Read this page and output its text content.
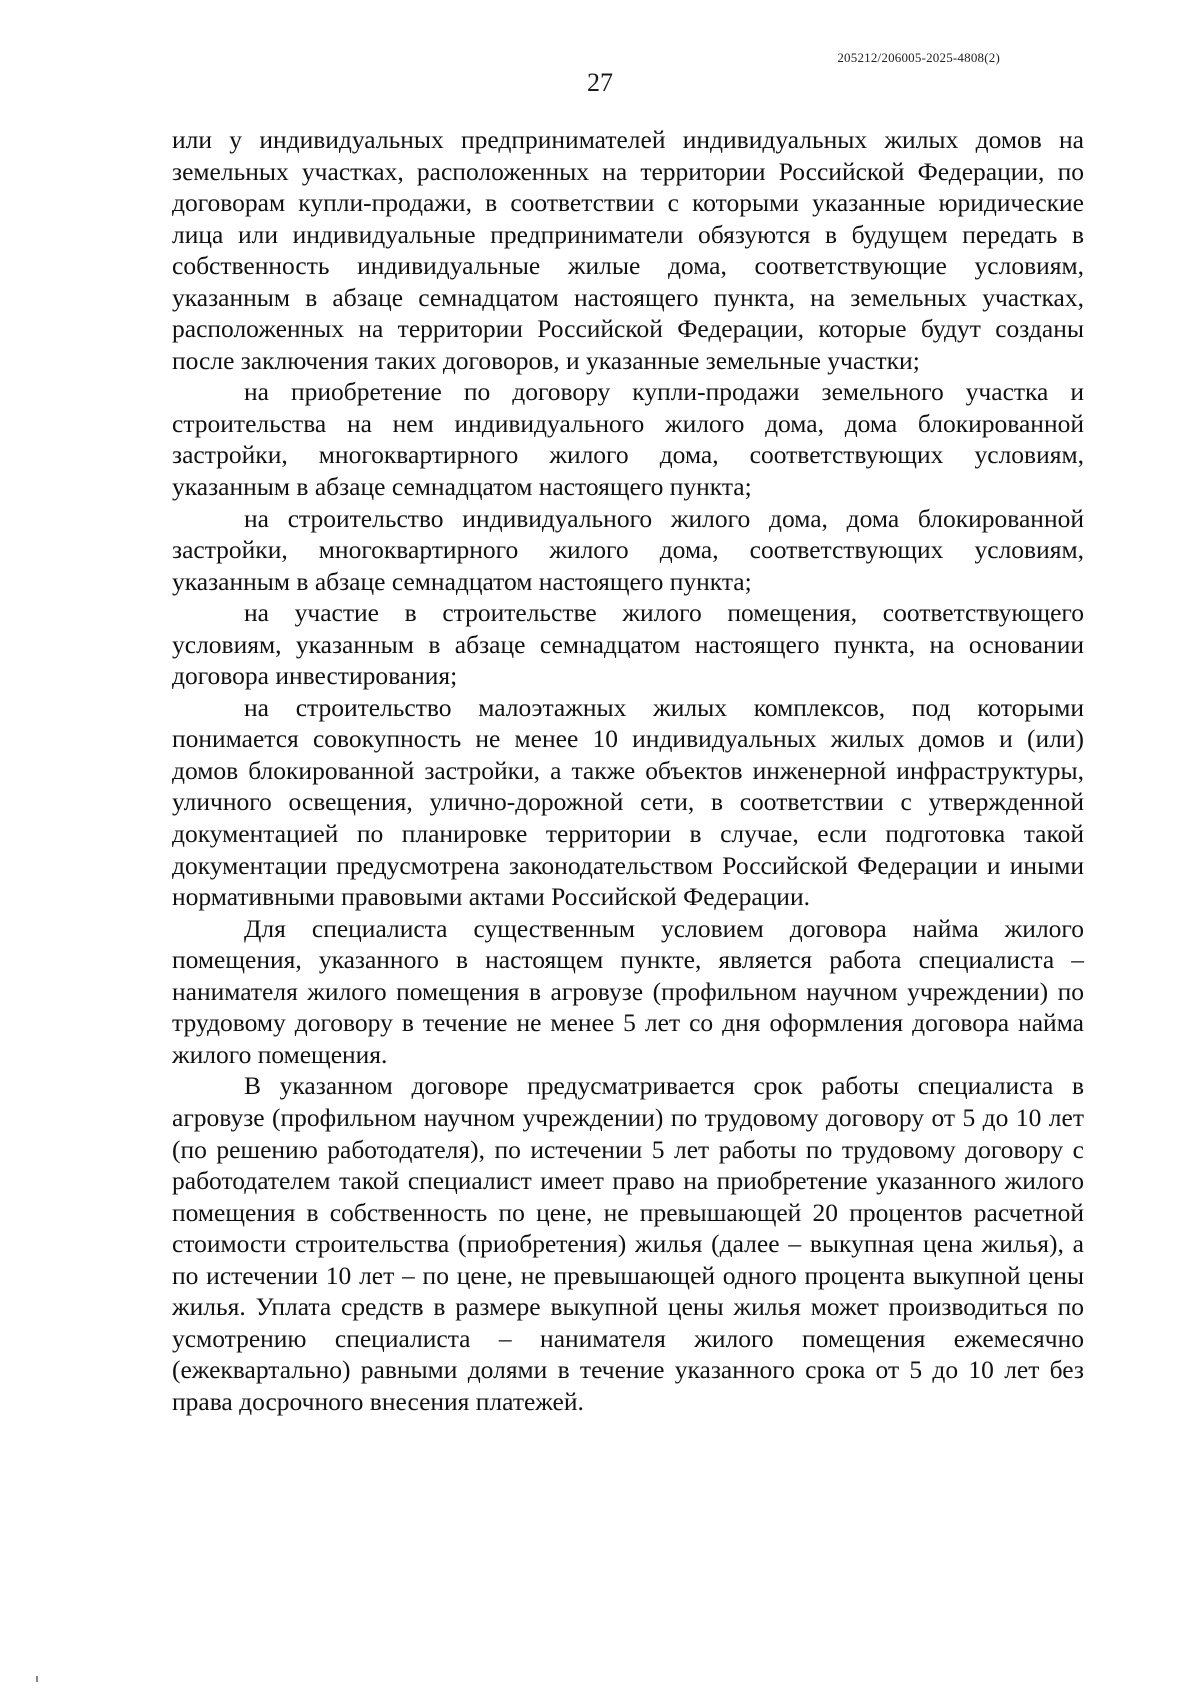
205212/206005-2025-4808(2)
27

или у индивидуальных предпринимателей индивидуальных жилых домов на земельных участках, расположенных на территории Российской Федерации, по договорам купли-продажи, в соответствии с которыми указанные юридические лица или индивидуальные предприниматели обязуются в будущем передать в собственность индивидуальные жилые дома, соответствующие условиям, указанным в абзаце семнадцатом настоящего пункта, на земельных участках, расположенных на территории Российской Федерации, которые будут созданы после заключения таких договоров, и указанные земельные участки;

на приобретение по договору купли-продажи земельного участка и строительства на нем индивидуального жилого дома, дома блокированной застройки, многоквартирного жилого дома, соответствующих условиям, указанным в абзаце семнадцатом настоящего пункта;

на строительство индивидуального жилого дома, дома блокированной застройки, многоквартирного жилого дома, соответствующих условиям, указанным в абзаце семнадцатом настоящего пункта;

на участие в строительстве жилого помещения, соответствующего условиям, указанным в абзаце семнадцатом настоящего пункта, на основании договора инвестирования;

на строительство малоэтажных жилых комплексов, под которыми понимается совокупность не менее 10 индивидуальных жилых домов и (или) домов блокированной застройки, а также объектов инженерной инфраструктуры, уличного освещения, улично-дорожной сети, в соответствии с утвержденной документацией по планировке территории в случае, если подготовка такой документации предусмотрена законодательством Российской Федерации и иными нормативными правовыми актами Российской Федерации.

Для специалиста существенным условием договора найма жилого помещения, указанного в настоящем пункте, является работа специалиста – нанимателя жилого помещения в агровузе (профильном научном учреждении) по трудовому договору в течение не менее 5 лет со дня оформления договора найма жилого помещения.

В указанном договоре предусматривается срок работы специалиста в агровузе (профильном научном учреждении) по трудовому договору от 5 до 10 лет (по решению работодателя), по истечении 5 лет работы по трудовому договору с работодателем такой специалист имеет право на приобретение указанного жилого помещения в собственность по цене, не превышающей 20 процентов расчетной стоимости строительства (приобретения) жилья (далее – выкупная цена жилья), а по истечении 10 лет – по цене, не превышающей одного процента выкупной цены жилья. Уплата средств в размере выкупной цены жилья может производиться по усмотрению специалиста – нанимателя жилого помещения ежемесячно (ежеквартально) равными долями в течение указанного срока от 5 до 10 лет без права досрочного внесения платежей.
